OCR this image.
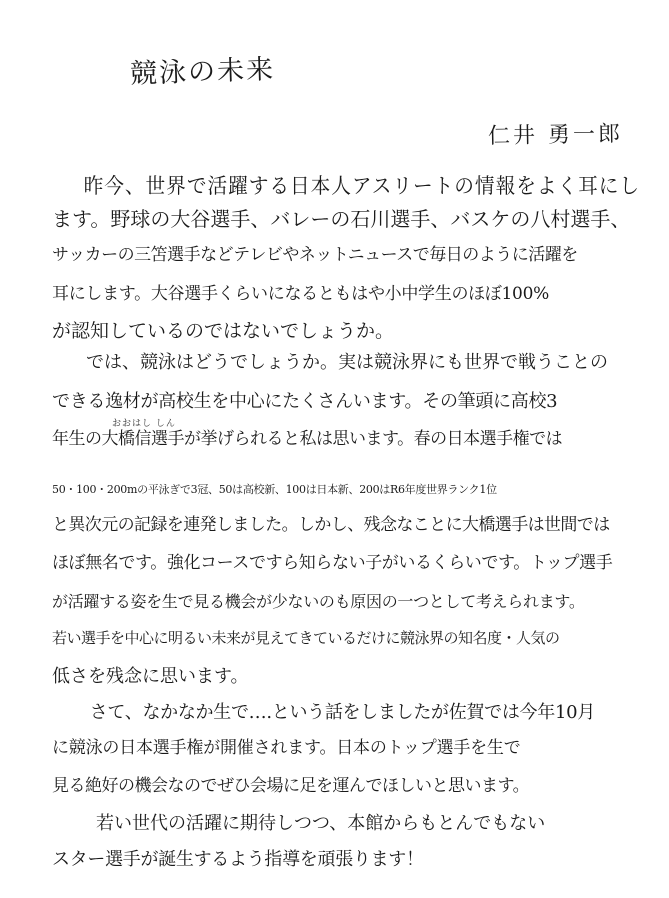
競泳の未来
仁井 勇一郎
おおはし しん
　昨今、世界で活躍する日本人アスリートの情報をよく耳にし
ます。野球の大谷選手、バレーの石川選手、バスケの八村選手、
サッカーの三笘選手などテレビやネットニュースで毎日のように活躍を
耳にします。大谷選手くらいになるともはや小中学生のほぼ100%
が認知しているのではないでしょうか。
　では、競泳はどうでしょうか。実は競泳界にも世界で戦うことの
できる逸材が高校生を中心にたくさんいます。その筆頭に高校3
年生の大橋信選手が挙げられると私は思います。春の日本選手権では
50・100・200mの平泳ぎで3冠、50は高校新、100は日本新、200はR6年度世界ランク1位
と異次元の記録を連発しました。しかし、残念なことに大橋選手は世間では
ほぼ無名です。強化コースですら知らない子がいるくらいです。トップ選手
が活躍する姿を生で見る機会が少ないのも原因の一つとして考えられます。
若い選手を中心に明るい未来が見えてきているだけに競泳界の知名度・人気の
低さを残念に思います。
　さて、なかなか生で….という話をしましたが佐賀では今年10月
に競泳の日本選手権が開催されます。日本のトップ選手を生で
見る絶好の機会なのでぜひ会場に足を運んでほしいと思います。
　若い世代の活躍に期待しつつ、本館からもとんでもない
スター選手が誕生するよう指導を頑張ります！
